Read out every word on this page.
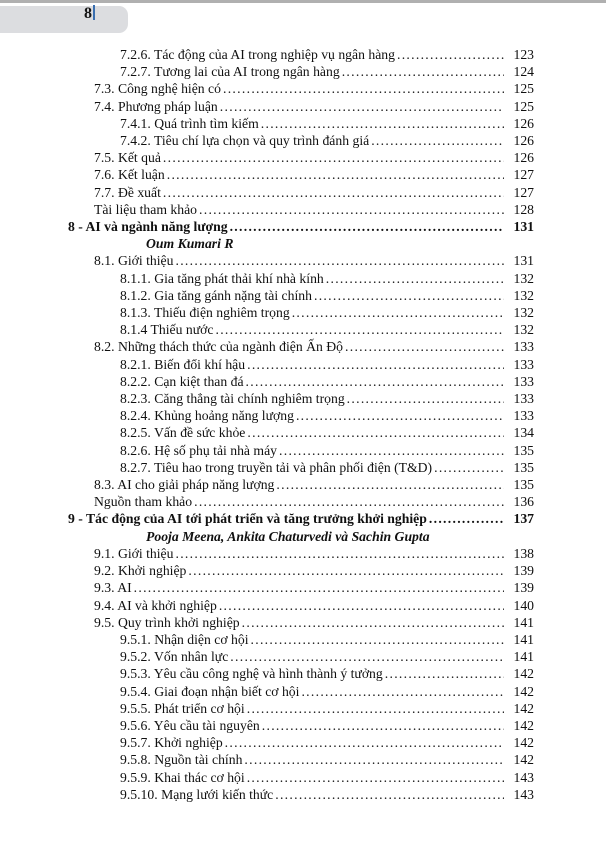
8
7.2.6. Tác động của AI trong nghiệp vụ ngân hàng .....	123
7.2.7. Tương lai của AI trong ngân hàng .....	124
7.3. Công nghệ hiện có .....	125
7.4. Phương pháp luận .....	125
7.4.1. Quá trình tìm kiếm .....	126
7.4.2. Tiêu chí lựa chọn và quy trình đánh giá .....	126
7.5. Kết quả .....	126
7.6. Kết luận .....	127
7.7. Đề xuất .....	127
Tài liệu tham khảo .....	128
8 - AI và ngành năng lượng .....	131
Oum Kumari R
8.1. Giới thiệu .....	131
8.1.1. Gia tăng phát thải khí nhà kính .....	132
8.1.2. Gia tăng gánh nặng tài chính .....	132
8.1.3. Thiếu điện nghiêm trọng .....	132
8.1.4 Thiếu nước .....	132
8.2. Những thách thức của ngành điện Ấn Độ .....	133
8.2.1. Biến đổi khí hậu .....	133
8.2.2. Cạn kiệt than đá .....	133
8.2.3. Căng thẳng tài chính nghiêm trọng .....	133
8.2.4. Khủng hoảng năng lượng .....	133
8.2.5. Vấn đề sức khỏe .....	134
8.2.6. Hệ số phụ tải nhà máy .....	135
8.2.7. Tiêu hao trong truyền tải và phân phối điện (T&D) .....	135
8.3. AI cho giải pháp năng lượng .....	135
Nguồn tham khảo .....	136
9 - Tác động của AI tới phát triển và tăng trưởng khởi nghiệp .....	137
Pooja Meena, Ankita Chaturvedi và Sachin Gupta
9.1. Giới thiệu .....	138
9.2. Khởi nghiệp .....	139
9.3. AI .....	139
9.4. AI và khởi nghiệp .....	140
9.5. Quy trình khởi nghiệp .....	141
9.5.1. Nhận diện cơ hội .....	141
9.5.2. Vốn nhân lực .....	141
9.5.3. Yêu cầu công nghệ và hình thành ý tưởng .....	142
9.5.4. Giai đoạn nhận biết cơ hội .....	142
9.5.5. Phát triển cơ hội .....	142
9.5.6. Yêu cầu tài nguyên .....	142
9.5.7. Khởi nghiệp .....	142
9.5.8. Nguồn tài chính .....	142
9.5.9. Khai thác cơ hội .....	143
9.5.10. Mạng lưới kiến thức .....	143
